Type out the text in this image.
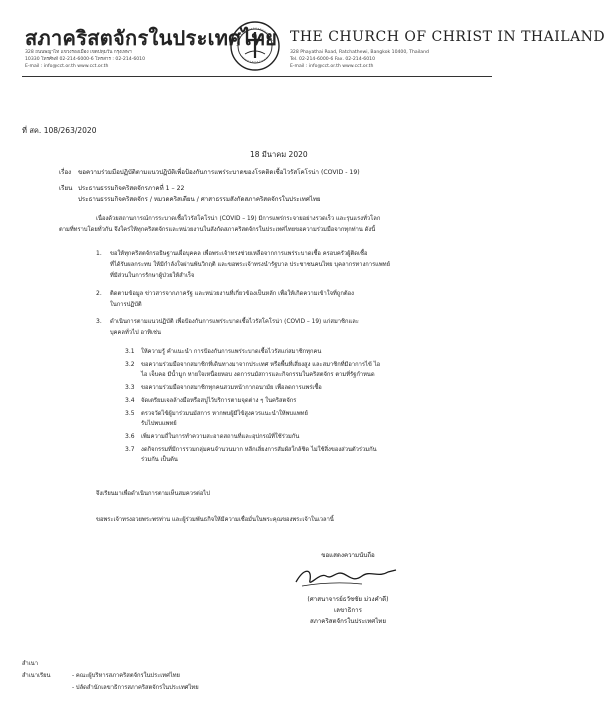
สภาคริสตจักรในประเทศไทย
328 ถนนพญาไท แขวงรองเมือง เขตปทุมวัน กรุงเทพฯ
10330 โทรศัพท์ 02-214-6000-6 โทรสาร : 02-214-6010
E-mail : info@cct.or.th www.cct.or.th
THE CHURCH OF CHRIST IN THAILAND
328 Phayathai Road, Ratchathewi, Bangkok 10400, Thailand
Tel. 02-214-6000-6 Fax. 02-214-6010
E-mail : info@cct.or.th www.cct.or.th
ที่ สค. 108/263/2020
18 มีนาคม 2020
เรื่อง ขอความร่วมมือปฏิบัติตามแนวปฏิบัติเพื่อป้องกันการแพร่ระบาดของโรคติดเชื้อไวรัสโคโรน่า (COVID - 19)
เรียน ประธานธรรมกิจคริสตจักรภาคที่ 1 – 22
ประธานธรรมกิจคริสตจักร / หมวดคริสเตียน / ศาสาธรรมสังกัดสภาคริสตจักรในประเทศไทย
เนื่องด้วยสถานการณ์การระบาดเชื้อไวรัสโคโรน่า (COVID – 19) มีการแพร่กระจายอย่างรวดเร็ว และรุนแรงทั่วโลก
ตามที่ทราบโดยทั่วกัน จึงใคร่ให้ทุกคริสตจักรและหน่วยงานในสังกัดสภาคริสตจักรในประเทศไทยขอความร่วมมือจากทุกท่าน ดังนี้
1. ขอให้ทุกคริสตจักรอธิษฐานเผื่อบุคคล เพื่อพระเจ้าทรงช่วยเหลือจากการแพร่ระบาดเชื้อ ครอบครัวผู้ติดเชื้อ
ที่ได้รับผลกระทบ ให้มีกำลังใจผ่านพ้นวิกฤติ และขอพระเจ้าทรงนำรัฐบาล ประชาชนคนไทย บุคลากรทางการแพทย์
ที่มีส่วนในการรักษาผู้ป่วยให้สำเร็จ
2. ติดตามข้อมูล ข่าวสารจากภาครัฐ และหน่วยงานที่เกี่ยวข้องเป็นหลัก เพื่อให้เกิดความเข้าใจที่ถูกต้อง
ในการปฏิบัติ
3. ดำเนินการตามแนวปฏิบัติ เพื่อป้องกันการแพร่ระบาดเชื้อไวรัสโคโรน่า (COVID – 19) แก่สมาชิกและ
บุคคลทั่วไป อาทิเช่น
3.1 ให้ความรู้ คำแนะนำ การป้องกันการแพร่ระบาดเชื้อไวรัสแก่สมาชิกทุกคน
3.2 ขอความร่วมมือจากสมาชิกที่เดินทางมาจากประเทศ หรือพื้นที่เสี่ยงสูง และสมาชิกที่มีอาการไข้ ไอ
ไอ เจ็บคอ มีน้ำมูก หายใจเหนื่อยหอบ งดการนมัสการและกิจกรรมในคริสตจักร ตามที่รัฐกำหนด
3.3 ขอความร่วมมือจากสมาชิกทุกคนสวมหน้ากากอนามัย เพื่อลดการแพร่เชื้อ
3.4 จัดเตรียมเจลล้างมือหรือสบู่ไว้บริการตามจุดต่าง ๆ ในคริสตจักร
3.5 ตรวจวัดไข้ผู้มาร่วมนมัสการ หากพบผู้มีไข้สูงควรแนะนำให้พบแพทย์
รับไปพบแพทย์
3.6 เพิ่มความถี่ในการทำความสะอาดสถานที่และอุปกรณ์ที่ใช้ร่วมกัน
3.7 งดกิจกรรมที่มีการรวมกลุ่มคนจำนวนมาก หลีกเลี่ยงการสัมผัสใกล้ชิด ไม่ใช้สิ่งของส่วนตัวร่วมกัน
ร่วมกัน เป็นต้น
จึงเรียนมาเพื่อดำเนินการตามเห็นสมควรต่อไป
ขอพระเจ้าทรงอวยพระพรท่าน และผู้ร่วมพันธกิจให้มีความเชื่อมั่นในพระคุณของพระเจ้าในเวลานี้
ขอแสดงความนับถือ
(ศาสนาจารย์ธวัชชัย ม่วงคำดี)
เลขาธิการ
สภาคริสตจักรในประเทศไทย
สำเนา
สำเนาเรียน	- คณะผู้บริหารสภาคริสตจักรในประเทศไทย
- ปลัดสำนักเลขาธิการสภาคริสตจักรในประเทศไทย
